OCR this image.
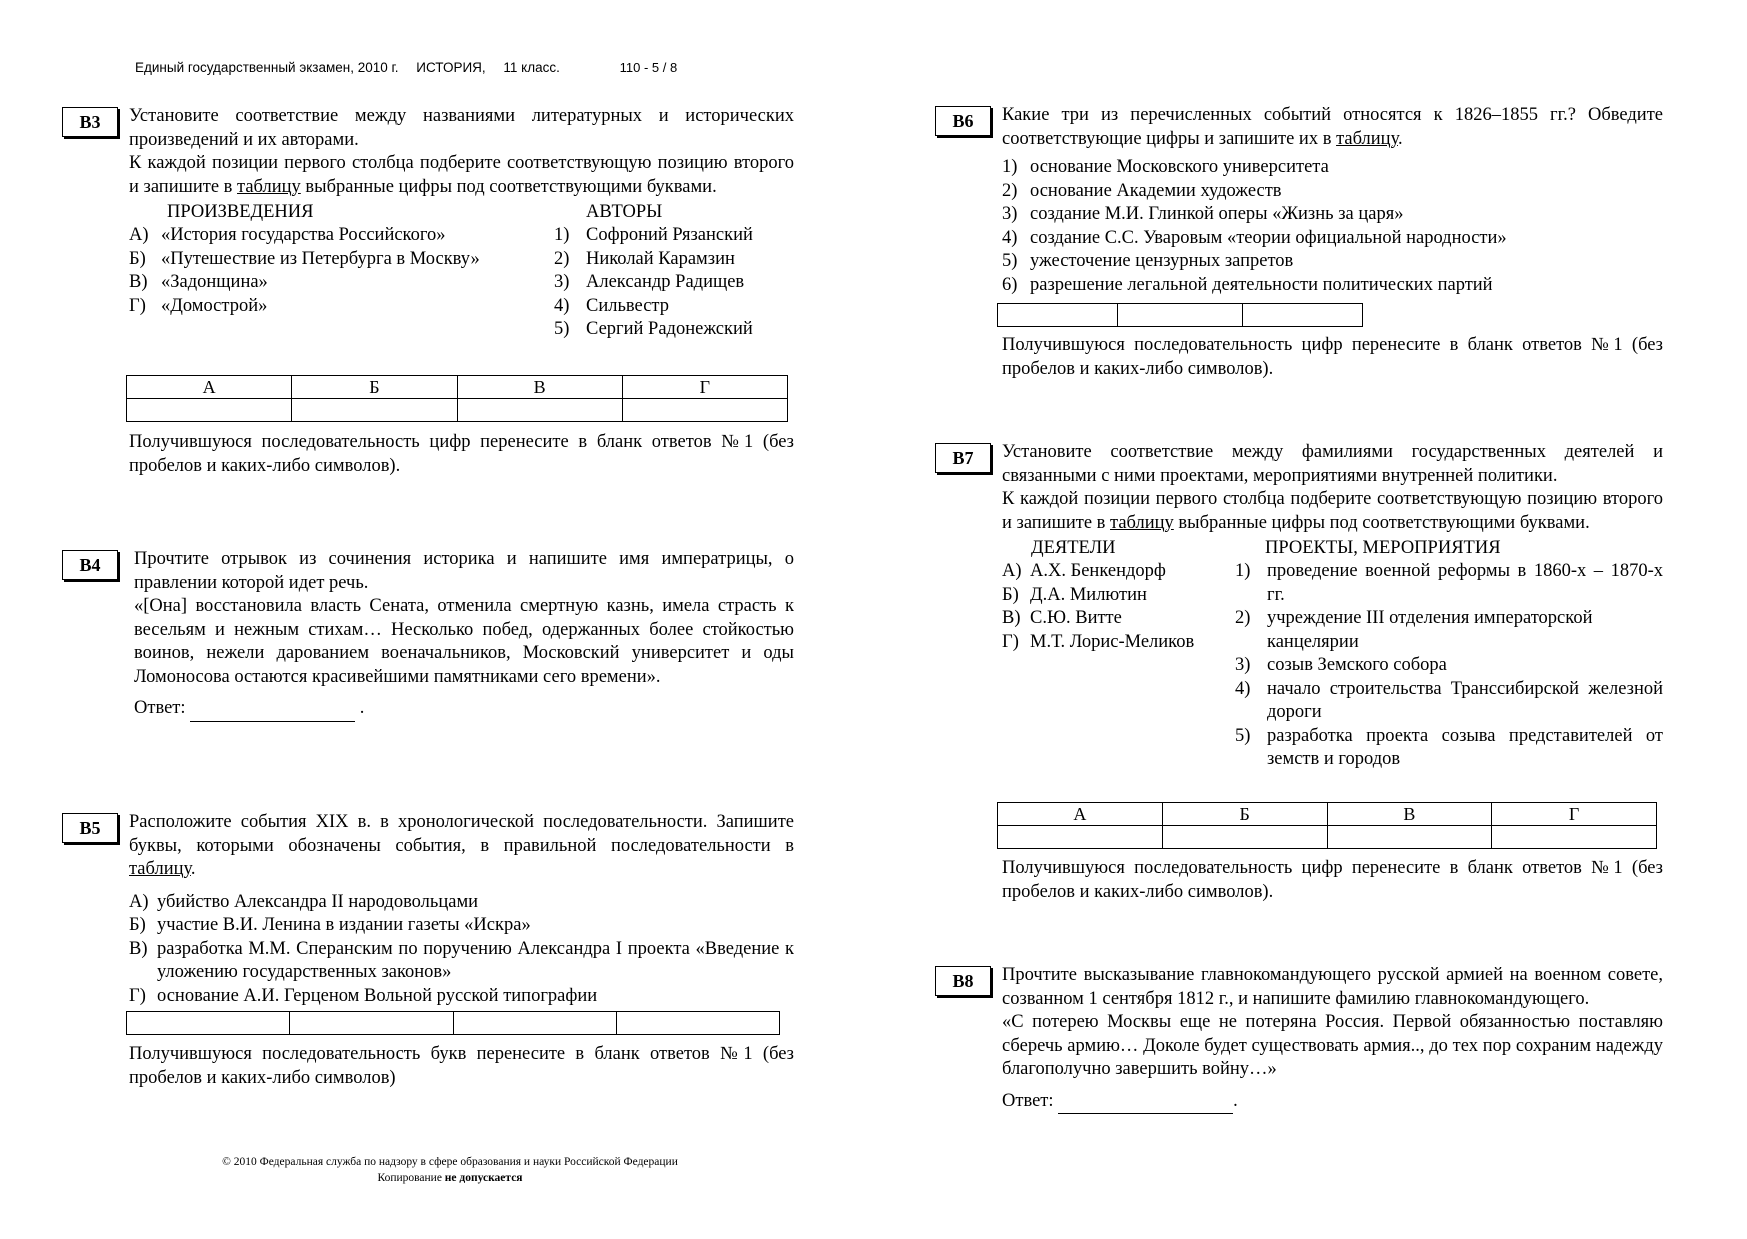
Единый государственный экзамен, 2010 г. ИСТОРИЯ, 11 класс.	110 - 5 / 8
В3	Установите соответствие между названиями литературных и исторических произведений и их авторами.

К каждой позиции первого столбца подберите соответствующую позицию второго и запишите в таблицу выбранные цифры под соответствующими буквами.

ПРОИЗВЕДЕНИЯ	АВТОРЫ
А) «История государства Российского»
Б) «Путешествие из Петербурга в Москву»
В) «Задонщина»
Г) «Домострой»
1) Софроний Рязанский
2) Николай Карамзин
3) Александр Радищев
4) Сильвестр
5) Сергий Радонежский
А	Б	В	Г

Получившуюся последовательность цифр перенесите в бланк ответов №1 (без пробелов и каких-либо символов).
В4	Прочтите отрывок из сочинения историка и напишите имя императрицы, о правлении которой идет речь.

«[Она] восстановила власть Сената, отменила смертную казнь, имела страсть к весельям и нежным стихам… Несколько побед, одержанных более стойкостью воинов, нежели дарованием военачальников, Московский университет и оды Ломоносова остаются красивейшими памятниками сего времени».

Ответ:	.

В5	Расположите события XIX в. в хронологической последовательности. Запишите буквы, которыми обозначены события, в правильной последовательности в таблицу.

А) убийство Александра II народовольцами
Б) участие В.И. Ленина в издании газеты «Искра»
В) разработка М.М. Сперанским по поручению Александра I проекта «Введение к уложению государственных законов»
Г) основание А.И. Герценом Вольной русской типографии

Получившуюся последовательность букв перенесите в бланк ответов №1 (без пробелов и каких-либо символов)
В6	Какие три из перечисленных событий относятся к 1826–1855 гг.? Обведите соответствующие цифры и запишите их в таблицу.

1) основание Московского университета
2) основание Академии художеств
3) создание М.И. Глинкой оперы «Жизнь за царя»
4) создание С.С. Уваровым «теории официальной народности»
5) ужесточение цензурных запретов
6) разрешение легальной деятельности политических партий

Получившуюся последовательность цифр перенесите в бланк ответов №1 (без пробелов и каких-либо символов).
В7	Установите соответствие между фамилиями государственных деятелей и связанными с ними проектами, мероприятиями внутренней политики.

К каждой позиции первого столбца подберите соответствующую позицию второго и запишите в таблицу выбранные цифры под соответствующими буквами.

ДЕЯТЕЛИ	ПРОЕКТЫ, МЕРОПРИЯТИЯ
А) А.Х. Бенкендорф
Б) Д.А. Милютин
В) С.Ю. Витте
Г) М.Т. Лорис-Меликов
1) проведение военной реформы в 1860-х – 1870-х гг.
2) учреждение III отделения императорской канцелярии
3) созыв Земского собора
4) начало строительства Транссибирской железной дороги
5) разработка проекта созыва представителей от земств и городов
А	Б	В	Г

Получившуюся последовательность цифр перенесите в бланк ответов №1 (без пробелов и каких-либо символов).
В8	Прочтите высказывание главнокомандующего русской армией на военном совете, созванном 1 сентября 1812 г., и напишите фамилию главнокомандующего.

«С потерею Москвы еще не потеряна Россия. Первой обязанностью поставляю сберечь армию… Доколе будет существовать армия.., до тех пор сохраним надежду благополучно завершить войну…»

Ответ:	.

© 2010 Федеральная служба по надзору в сфере образования и науки Российской Федерации
Копирование не допускается
